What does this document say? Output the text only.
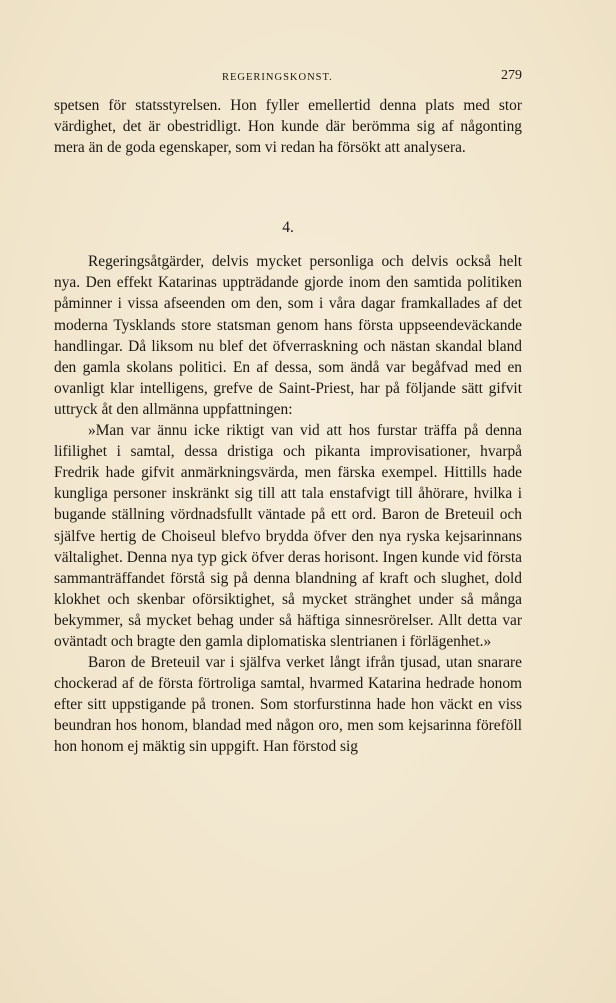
REGERINGSKONST.	279

spetsen för statsstyrelsen. Hon fyller emellertid denna plats med stor värdighet, det är obestridligt. Hon kunde där berömma sig af någonting mera än de goda egenskaper, som vi redan ha försökt att analysera.

4.

Regeringsåtgärder, delvis mycket personliga och delvis också helt nya. Den effekt Katarinas uppträdande gjorde inom den samtida politiken påminner i vissa afseenden om den, som i våra dagar framkallades af det moderna Tysklands store statsman genom hans första uppseendeväckande handlingar. Då liksom nu blef det öfverraskning och nästan skandal bland den gamla skolans politici. En af dessa, som ändå var begåfvad med en ovanligt klar intelligens, grefve de Saint-Priest, har på följande sätt gifvit uttryck åt den allmänna uppfattningen:

»Man var ännu icke riktigt van vid att hos furstar träffa på denna lifilighet i samtal, dessa dristiga och pikanta improvisationer, hvarpå Fredrik hade gifvit anmärkningsvärda, men färska exempel. Hittills hade kungliga personer inskränkt sig till att tala enstafvigt till åhörare, hvilka i bugande ställning vördnadsfullt väntade på ett ord. Baron de Breteuil och själfve hertig de Choiseul blefvo brydda öfver den nya ryska kejsarinnans vältalighet. Denna nya typ gick öfver deras horisont. Ingen kunde vid första sammanträffandet förstå sig på denna blandning af kraft och slughet, dold klokhet och skenbar oförsiktighet, så mycket stränghet under så många bekymmer, så mycket behag under så häftiga sinnesrörelser. Allt detta var oväntadt och bragte den gamla diplomatiska slentrianen i förlägenhet.»

Baron de Breteuil var i själfva verket långt ifrån tjusad, utan snarare chockerad af de första förtroliga samtal, hvarmed Katarina hedrade honom efter sitt uppstigande på tronen. Som storfurstinna hade hon väckt en viss beundran hos honom, blandad med någon oro, men som kejsarinna föreföll hon honom ej mäktig sin uppgift. Han förstod sig
